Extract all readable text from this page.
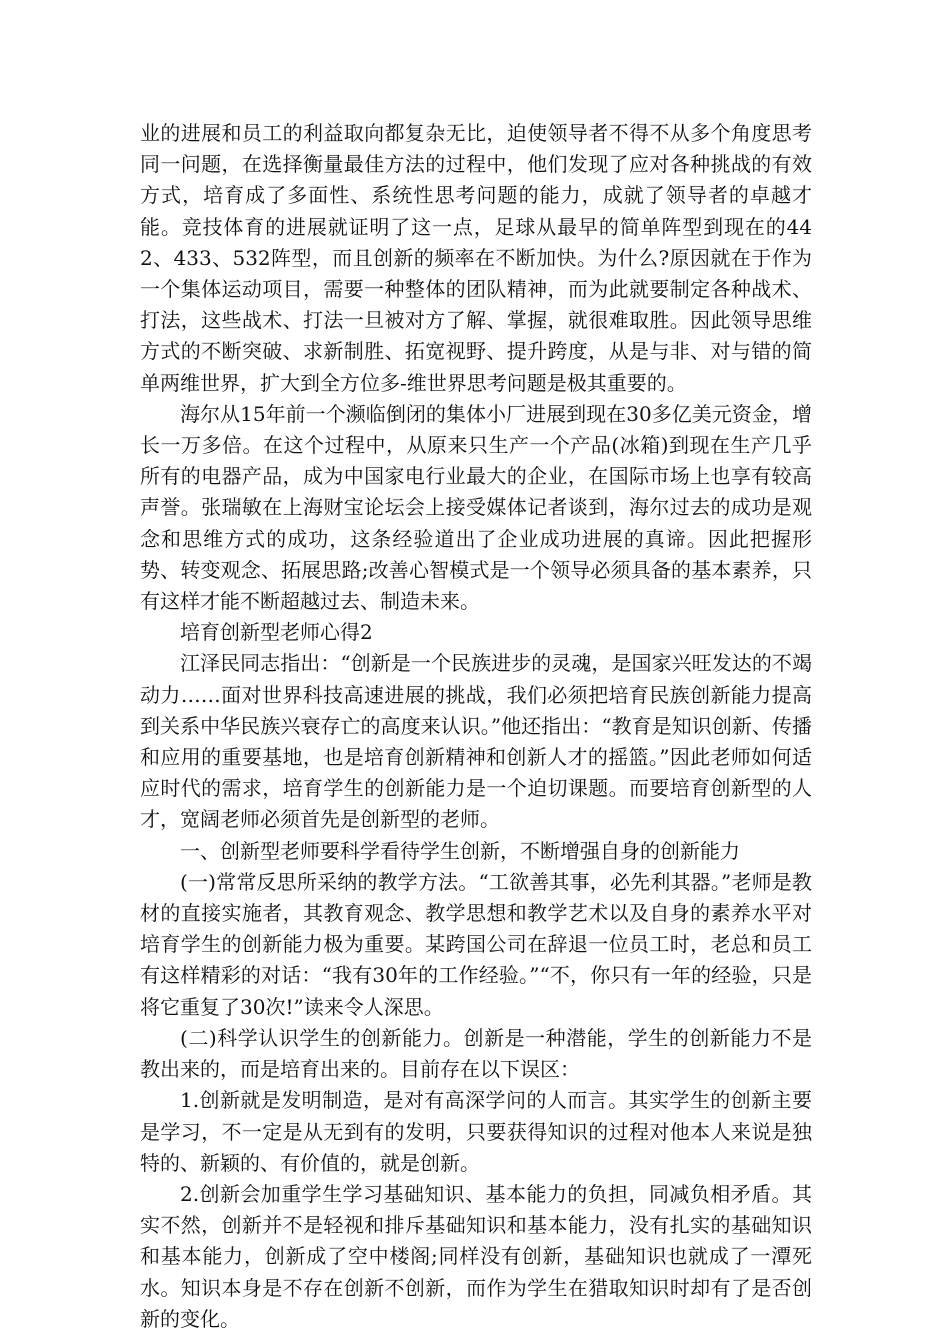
业的进展和员工的利益取向都复杂无比，迫使领导者不得不从多个角度思考同一问题，在选择衡量最佳方法的过程中，他们发现了应对各种挑战的有效方式，培育成了多面性、系统性思考问题的能力，成就了领导者的卓越才能。竞技体育的进展就证明了这一点，足球从最早的简单阵型到现在的442、433、532阵型，而且创新的频率在不断加快。为什么?原因就在于作为一个集体运动项目，需要一种整体的团队精神，而为此就要制定各种战术、打法，这些战术、打法一旦被对方了解、掌握，就很难取胜。因此领导思维方式的不断突破、求新制胜、拓宽视野、提升跨度，从是与非、对与错的简单两维世界，扩大到全方位多-维世界思考问题是极其重要的。

海尔从15年前一个濒临倒闭的集体小厂进展到现在30多亿美元资金，增长一万多倍。在这个过程中，从原来只生产一个产品(冰箱)到现在生产几乎所有的电器产品，成为中国家电行业最大的企业，在国际市场上也享有较高声誉。张瑞敏在上海财宝论坛会上接受媒体记者谈到，海尔过去的成功是观念和思维方式的成功，这条经验道出了企业成功进展的真谛。因此把握形势、转变观念、拓展思路;改善心智模式是一个领导必须具备的基本素养，只有这样才能不断超越过去、制造未来。

培育创新型老师心得2

江泽民同志指出：“创新是一个民族进步的灵魂，是国家兴旺发达的不竭动力……面对世界科技高速进展的挑战，我们必须把培育民族创新能力提高到关系中华民族兴衰存亡的高度来认识。”他还指出：“教育是知识创新、传播和应用的重要基地，也是培育创新精神和创新人才的摇篮。”因此老师如何适应时代的需求，培育学生的创新能力是一个迫切课题。而要培育创新型的人才，宽阔老师必须首先是创新型的老师。

一、创新型老师要科学看待学生创新，不断增强自身的创新能力

(一)常常反思所采纳的教学方法。“工欲善其事，必先利其器。”老师是教材的直接实施者，其教育观念、教学思想和教学艺术以及自身的素养水平对培育学生的创新能力极为重要。某跨国公司在辞退一位员工时，老总和员工有这样精彩的对话：“我有30年的工作经验。”“不，你只有一年的经验，只是将它重复了30次!”读来令人深思。

(二)科学认识学生的创新能力。创新是一种潜能，学生的创新能力不是教出来的，而是培育出来的。目前存在以下误区：

1.创新就是发明制造，是对有高深学问的人而言。其实学生的创新主要是学习，不一定是从无到有的发明，只要获得知识的过程对他本人来说是独特的、新颖的、有价值的，就是创新。

2.创新会加重学生学习基础知识、基本能力的负担，同减负相矛盾。其实不然，创新并不是轻视和排斥基础知识和基本能力，没有扎实的基础知识和基本能力，创新成了空中楼阁;同样没有创新，基础知识也就成了一潭死水。知识本身是不存在创新不创新，而作为学生在猎取知识时却有了是否创新的变化。
